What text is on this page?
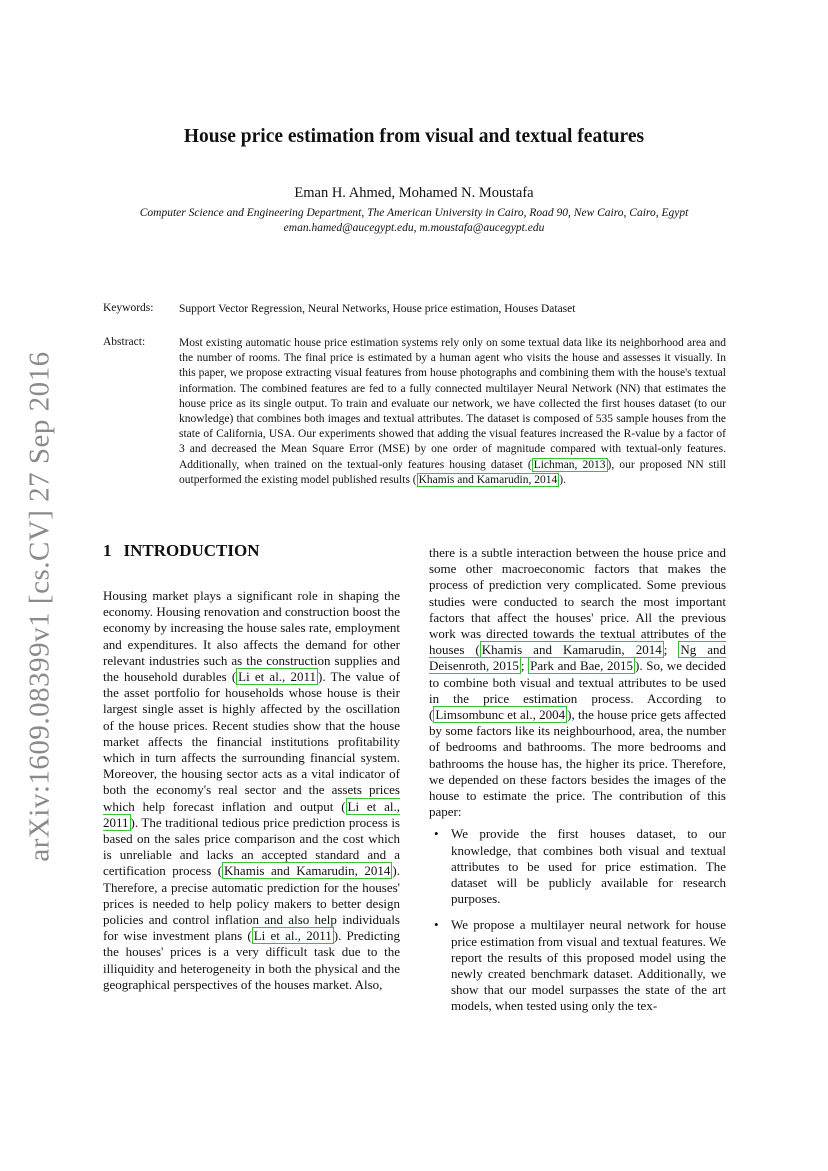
arXiv:1609.08399v1 [cs.CV] 27 Sep 2016
House price estimation from visual and textual features
Eman H. Ahmed, Mohamed N. Moustafa
Computer Science and Engineering Department, The American University in Cairo, Road 90, New Cairo, Cairo, Egypt
eman.hamed@aucegypt.edu, m.moustafa@aucegypt.edu
Keywords: Support Vector Regression, Neural Networks, House price estimation, Houses Dataset
Abstract:	Most existing automatic house price estimation systems rely only on some textual data like its neighborhood area and the number of rooms. The final price is estimated by a human agent who visits the house and assesses it visually. In this paper, we propose extracting visual features from house photographs and combining them with the house's textual information. The combined features are fed to a fully connected multilayer Neural Network (NN) that estimates the house price as its single output. To train and evaluate our network, we have collected the first houses dataset (to our knowledge) that combines both images and textual attributes. The dataset is composed of 535 sample houses from the state of California, USA. Our experiments showed that adding the visual features increased the R-value by a factor of 3 and decreased the Mean Square Error (MSE) by one order of magnitude compared with textual-only features. Additionally, when trained on the textual-only features housing dataset ( Lichman, 2013 ), our proposed NN still outperformed the existing model published results ( Khamis and Kamarudin, 2014 ).
1 INTRODUCTION

Housing market plays a significant role in shaping the economy. Housing renovation and construction boost the economy by increasing the house sales rate, employment and expenditures. It also affects the demand for other relevant industries such as the construction supplies and the household durables ( Li et al., 2011 ). The value of the asset portfolio for households whose house is their largest single asset is highly affected by the oscillation of the house prices. Recent studies show that the house market affects the financial institutions profitability which in turn affects the surrounding financial system. Moreover, the housing sector acts as a vital indicator of both the economy's real sector and the assets prices which help forecast inflation and output ( Li et al., 2011 ). The traditional tedious price prediction process is based on the sales price comparison and the cost which is unreliable and lacks an accepted standard and a certification process ( Khamis and Kamarudin, 2014 ). Therefore, a precise automatic prediction for the houses' prices is needed to help policy makers to better design policies and control inflation and also help individuals for wise investment plans ( Li et al., 2011 ). Predicting the houses' prices is a very difficult task due to the illiquidity and heterogeneity in both the physical and the geographical perspectives of the houses market. Also,

there is a subtle interaction between the house price and some other macroeconomic factors that makes the process of prediction very complicated. Some previous studies were conducted to search the most important factors that affect the houses' price. All the previous work was directed towards the textual attributes of the houses ( Khamis and Kamarudin, 2014 ; Ng and Deisenroth, 2015 ; Park and Bae, 2015 ). So, we decided to combine both visual and textual attributes to be used in the price estimation process. According to ( Limsombunc et al., 2004 ), the house price gets affected by some factors like its neighbourhood, area, the number of bedrooms and bathrooms. The more bedrooms and bathrooms the house has, the higher its price. Therefore, we depended on these factors besides the images of the house to estimate the price. The contribution of this paper:

• We provide the first houses dataset, to our knowledge, that combines both visual and textual attributes to be used for price estimation. The dataset will be publicly available for research purposes.
• We propose a multilayer neural network for house price estimation from visual and textual features. We report the results of this proposed model using the newly created benchmark dataset. Additionally, we show that our model surpasses the state of the art models, when tested using only the tex-
